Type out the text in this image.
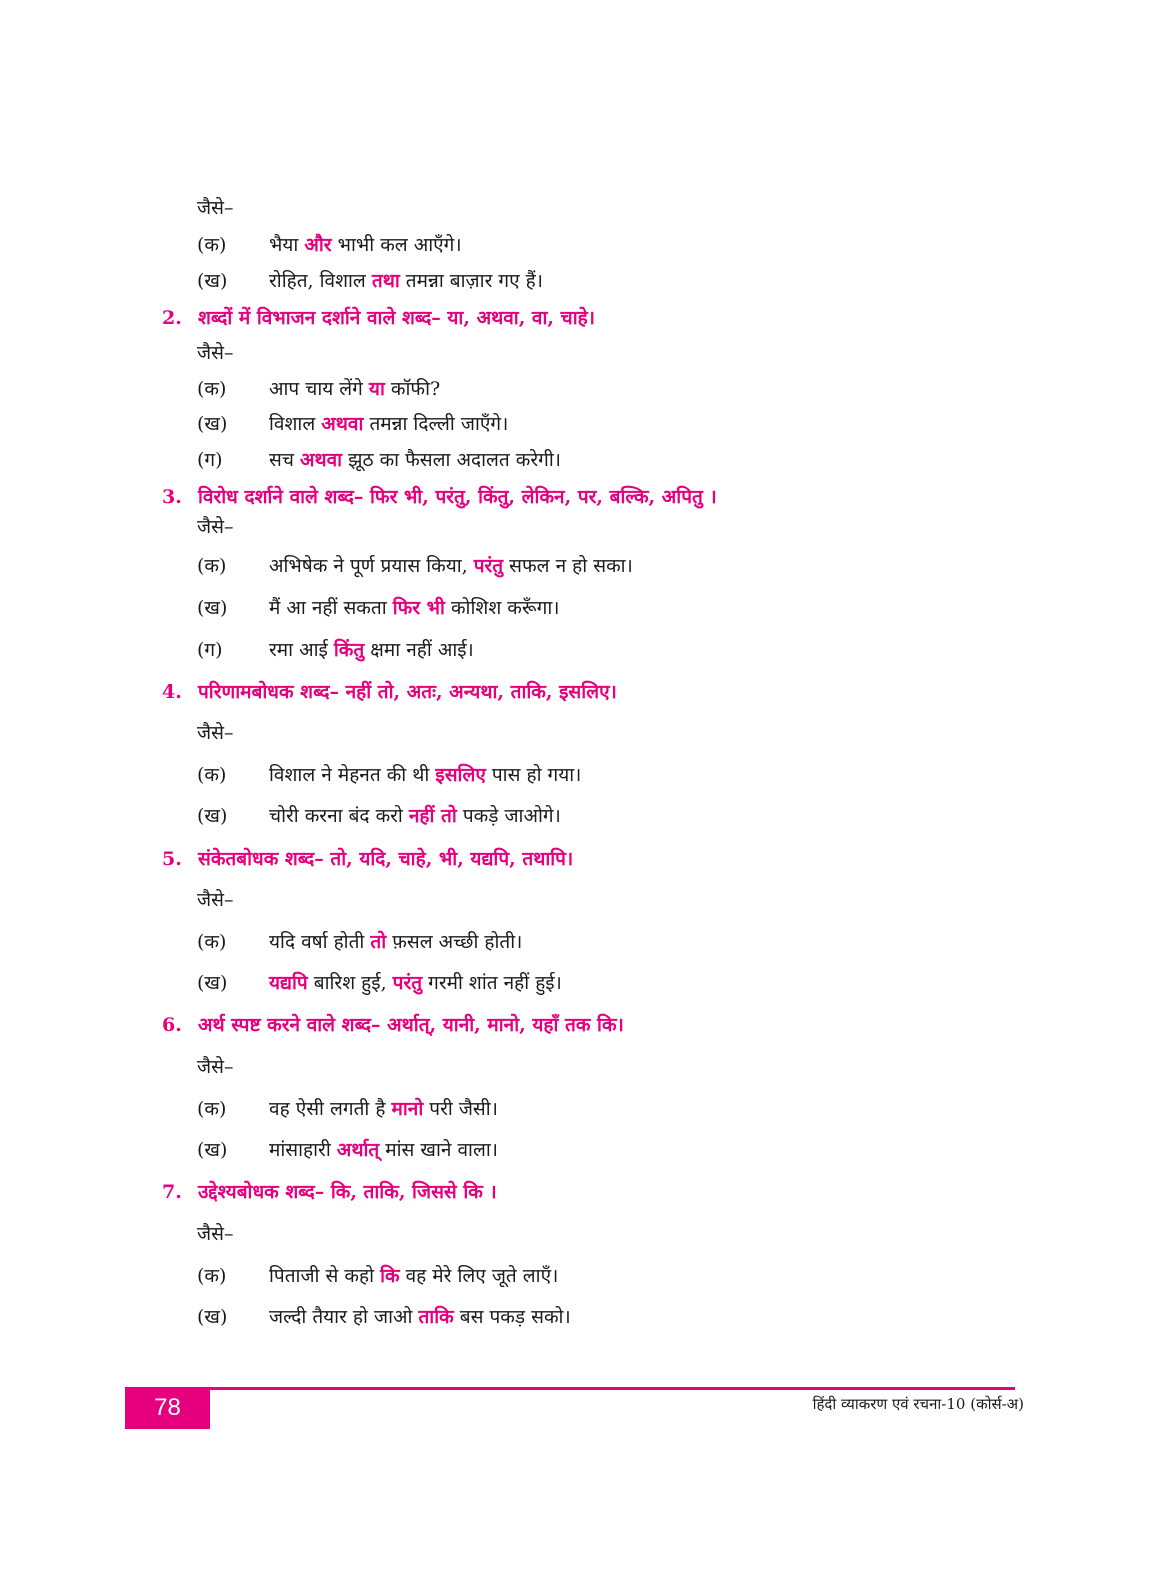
जैसे–
(क) भैया और भाभी कल आएँगे।
(ख) रोहित, विशाल तथा तमन्ना बाज़ार गए हैं।
2. शब्दों में विभाजन दर्शाने वाले शब्द– या, अथवा, वा, चाहे।
जैसे–
(क) आप चाय लेंगे या कॉफी?
(ख) विशाल अथवा तमन्ना दिल्ली जाएँगे।
(ग) सच अथवा झूठ का फैसला अदालत करेगी।
3. विरोध दर्शाने वाले शब्द– फिर भी, परंतु, किंतु, लेकिन, पर, बल्कि, अपितु ।
जैसे–
(क) अभिषेक ने पूर्ण प्रयास किया, परंतु सफल न हो सका।
(ख) मैं आ नहीं सकता फिर भी कोशिश करूँगा।
(ग) रमा आई किंतु क्षमा नहीं आई।
4. परिणामबोधक शब्द– नहीं तो, अतः, अन्यथा, ताकि, इसलिए।
जैसे–
(क) विशाल ने मेहनत की थी इसलिए पास हो गया।
(ख) चोरी करना बंद करो नहीं तो पकड़े जाओगे।
5. संकेतबोधक शब्द– तो, यदि, चाहे, भी, यद्यपि, तथापि।
जैसे–
(क) यदि वर्षा होती तो फ़सल अच्छी होती।
(ख) यद्यपि बारिश हुई, परंतु गरमी शांत नहीं हुई।
6. अर्थ स्पष्ट करने वाले शब्द– अर्थात्, यानी, मानो, यहाँ तक कि।
जैसे–
(क) वह ऐसी लगती है मानो परी जैसी।
(ख) मांसाहारी अर्थात् मांस खाने वाला।
7. उद्देश्यबोधक शब्द– कि, ताकि, जिससे कि ।
जैसे–
(क) पिताजी से कहो कि वह मेरे लिए जूते लाएँ।
(ख) जल्दी तैयार हो जाओ ताकि बस पकड़ सको।
78	हिंदी व्याकरण एवं रचना-10 (कोर्स-अ)
